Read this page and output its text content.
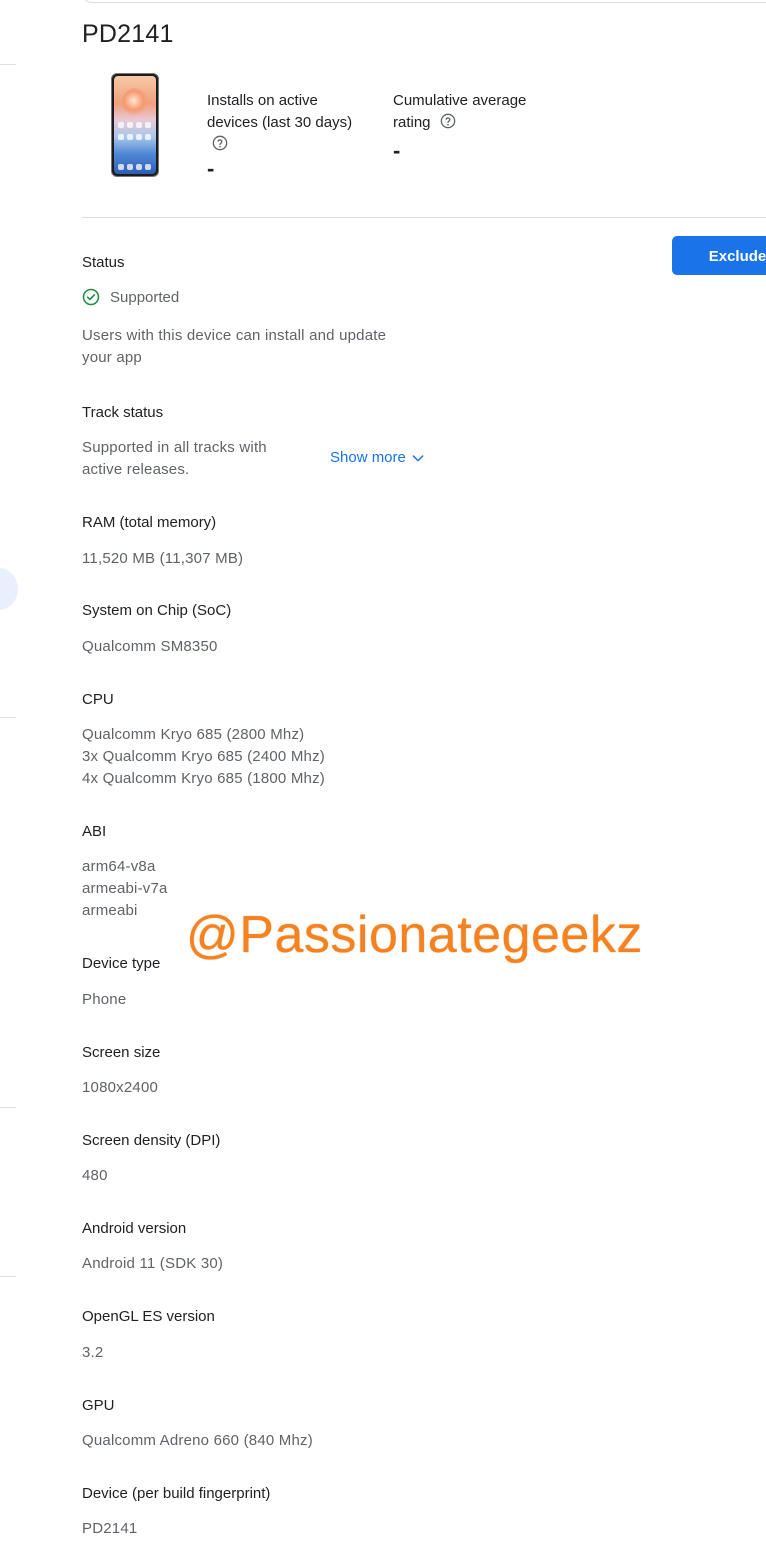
PD2141
Installs on active
devices (last 30 days)
-
Cumulative average
rating
-
Exclude
Status
Supported
Users with this device can install and update
your app
Track status
Supported in all tracks with
active releases.
Show more
RAM (total memory)
11,520 MB (11,307 MB)
System on Chip (SoC)
Qualcomm SM8350
CPU
Qualcomm Kryo 685 (2800 Mhz)
3x Qualcomm Kryo 685 (2400 Mhz)
4x Qualcomm Kryo 685 (1800 Mhz)
ABI
arm64-v8a
armeabi-v7a
armeabi
Device type
Phone
Screen size
1080x2400
Screen density (DPI)
480
Android version
Android 11 (SDK 30)
OpenGL ES version
3.2
GPU
Qualcomm Adreno 660 (840 Mhz)
Device (per build fingerprint)
PD2141
@Passionategeekz
